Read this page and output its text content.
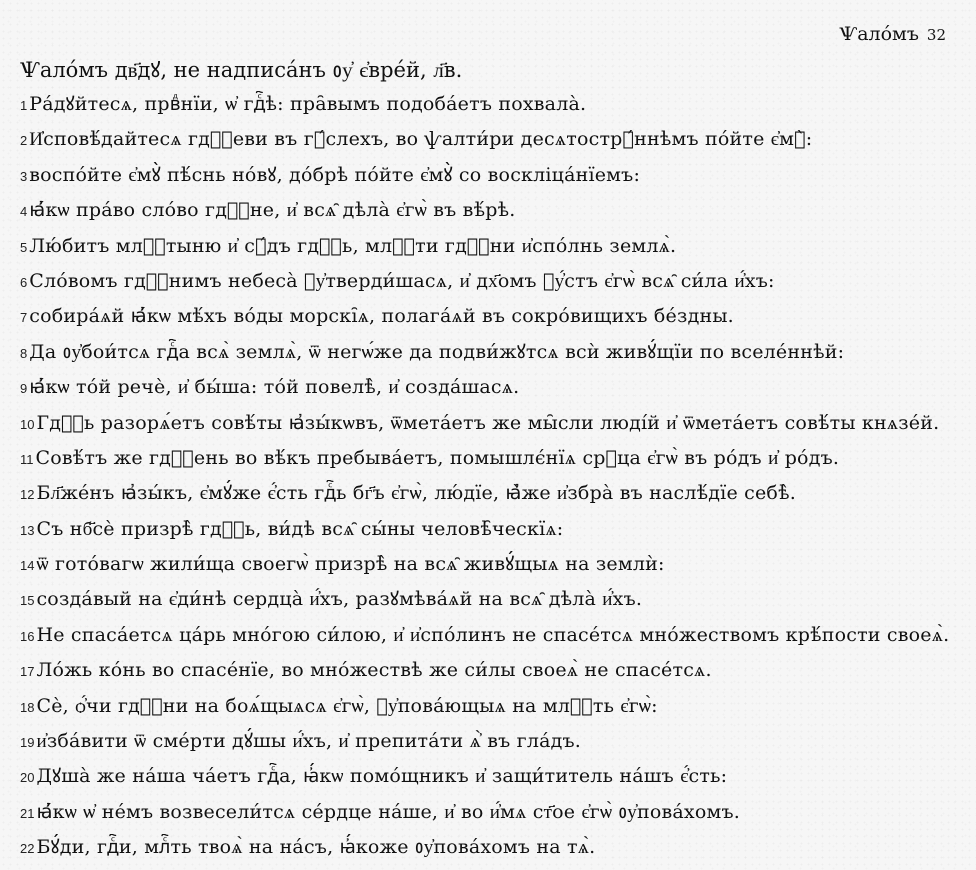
Ѱало́мъ 32
Ѱало́мъ дв҃дꙋ, не надписа́нъ ᲂу҆ є҆вре́й, л҃в.
1 Ра́дꙋйтесѧ, првⷣнїи, ѡ҆ гдⷭ҇ѣ: пра̑вымъ подоба́етъ похвала̀.
2 И҆сповѣ́дайтесѧ гдⷭ҇еви въ гꙋ́слехъ, во ѱалти́ри десѧтострꙋ́ннѣмъ по́йте є҆мꙋ̀:
3 воспо́йте є҆мꙋ̀ пѣ́снь но́вꙋ, до́брѣ по́йте є҆мꙋ̀ со воскліца́нїемъ:
4 ꙗ҆́кѡ пра́во сло́во гдⷭ҇не, и҆ всѧ̑ дѣла̀ є҆гѡ̀ въ вѣ́рѣ.
5 Лю́битъ млⷭ҇тыню и҆ сꙋ́дъ гдⷭ҇ь, млⷭ҇ти гдⷭ҇ни и҆спо́лнь землѧ̀.
6 Сло́вомъ гдⷭ҇нимъ небеса̀ ᲂу҆тверди́шасѧ, и҆ дх҃омъ ᲂу҆́стъ є҆гѡ̀ всѧ̑ си́ла и҆́хъ:
7 собира́ѧй ꙗ҆́кѡ мѣ́хъ во́ды морскі̑ѧ, полага́ѧй въ сокро́вищихъ бе́здны.
8 Да ᲂу҆бои́тсѧ гдⷭ҇а всѧ̀ землѧ̀, ѿ негѡ́же да подви́жꙋтсѧ всѝ живꙋ́щїи по вселе́ннѣй:
9 ꙗ҆́кѡ то́й речѐ, и҆ бы́ша: то́й повелѣ̀, и҆ созда́шасѧ.
10 Гдⷭ҇ь разорѧ́етъ совѣ́ты ꙗ҆зы́кѡвъ, ѿмета́етъ же мы̑сли люді́й и҆ ѿмета́етъ совѣ́ты кнѧзе́й.
11 Совѣ́тъ же гдⷭ҇ень во вѣ́къ пребыва́етъ, помышлє́нїѧ срⷣца є҆гѡ̀ въ ро́дъ и҆ ро́дъ.
12 Бл҃же́нъ ꙗ҆зы́къ, є҆мꙋ́же є҆́сть гдⷭ҇ь бг҃ъ є҆гѡ̀, лю́дїе, ꙗ҆̀же и҆збра̀ въ наслѣ́дїе себѣ̀.
13 Съ нб҃сѐ призрѣ̀ гдⷭ҇ь, ви́дѣ всѧ̑ сы́ны человѣ̑ческїѧ:
14 ѿ гото́вагѡ жили́ща своегѡ̀ призрѣ̀ на всѧ̑ живꙋ́щыѧ на землѝ:
15 созда́вый на є҆ди́нѣ сердца̀ и҆́хъ, разꙋмѣва́ѧй на всѧ̑ дѣла̀ и҆́хъ.
16 Не спаса́етсѧ ца́рь мно́гою си́лою, и҆ и҆спо́линъ не спасе́тсѧ мно́жествомъ крѣ́пости своеѧ̀.
17 Ло́жь ко́нь во спасе́нїе, во мно́жествѣ же си́лы своеѧ̀ не спасе́тсѧ.
18 Сѐ, ѻ҆́чи гдⷭ҇ни на боѧ́щыѧсѧ є҆гѡ̀, ᲂу҆пова́ющыѧ на млⷭ҇ть є҆гѡ̀:
19 и҆зба́вити ѿ сме́рти дꙋ́шы и҆́хъ, и҆ препита́ти ѧ҆̀ въ гла́дъ.
20 Дꙋша̀ же на́ша ча́етъ гдⷭ҇а, ꙗ҆́кѡ помо́щникъ и҆ защи́титель на́шъ є҆́сть:
21 ꙗ҆́кѡ ѡ҆ не́мъ возвесели́тсѧ се́рдце на́ше, и҆ во и҆́мѧ ст҃ое є҆гѡ̀ ᲂу҆пова́хомъ.
22 Бꙋ́ди, гдⷭ҇и, млⷭ҇ть твоѧ̀ на на́съ, ꙗ҆́коже ᲂу҆пова́хомъ на тѧ̀.
